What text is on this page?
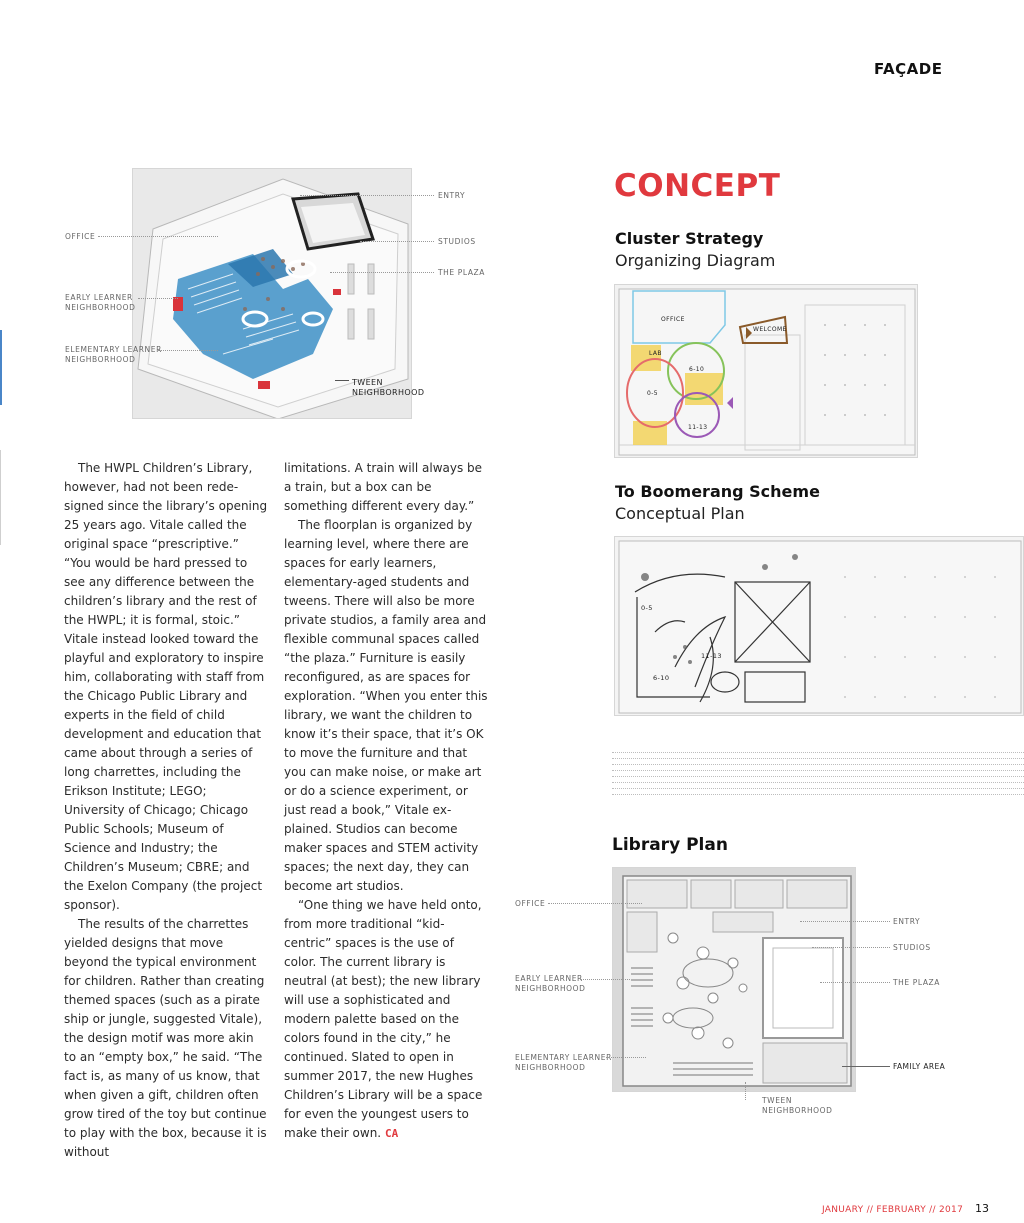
FAÇADE
ENTRY
OFFICE
STUDIOS
THE PLAZA
EARLY LEARNER
NEIGHBORHOOD
ELEMENTARY LEARNER
NEIGHBORHOOD
TWEEN
NEIGHBORHOOD

The HWPL Children’s Library, however, had not been rede-signed since the library’s opening 25 years ago. Vitale called the original space “prescriptive.” “You would be hard pressed to see any difference between the children’s library and the rest of the HWPL; it is formal, stoic.” Vitale instead looked toward the playful and exploratory to inspire him, collaborating with staff from the Chicago Public Library and experts in the field of child development and education that came about through a series of long charrettes, including the Erikson Institute; LEGO; University of Chicago; Chicago Public Schools; Museum of Science and Industry; the Children’s Museum; CBRE; and the Exelon Company (the project sponsor).

The results of the charrettes yielded designs that move beyond the typical environment for children. Rather than creating themed spaces (such as a pirate ship or jungle, suggested Vitale), the design motif was more akin to an “empty box,” he said. “The fact is, as many of us know, that when given a gift, children often grow tired of the toy but continue to play with the box, because it is without

limitations. A train will always be a train, but a box can be something different every day.”

The floorplan is organized by learning level, where there are spaces for early learners, elementary-aged students and tweens. There will also be more private studios, a family area and flexible communal spaces called “the plaza.” Furniture is easily reconfigured, as are spaces for exploration. “When you enter this library, we want the children to know it’s their space, that it’s OK to move the furniture and that you can make noise, or make art or do a science experiment, or just read a book,” Vitale ex-plained. Studios can become maker spaces and STEM activity spaces; the next day, they can become art studios.

“One thing we have held onto, from more traditional “kid-centric” spaces is the use of color. The current library is neutral (at best); the new library will use a sophisticated and modern palette based on the colors found in the city,” he continued. Slated to open in summer 2017, the new Hughes Children’s Library will be a space for even the youngest users to make their own. CA

CONCEPT
Cluster Strategy
Organizing Diagram
OFFICE
WELCOME
LAB
6-10
0-5
11-13
To Boomerang Scheme
Conceptual Plan
0-5
6-10
11-13
Library Plan
OFFICE
ENTRY
STUDIOS
THE PLAZA
EARLY LEARNER
NEIGHBORHOOD
ELEMENTARY LEARNER
NEIGHBORHOOD	FAMILY AREA
TWEEN
NEIGHBORHOOD
JANUARY // FEBRUARY // 2017 13
